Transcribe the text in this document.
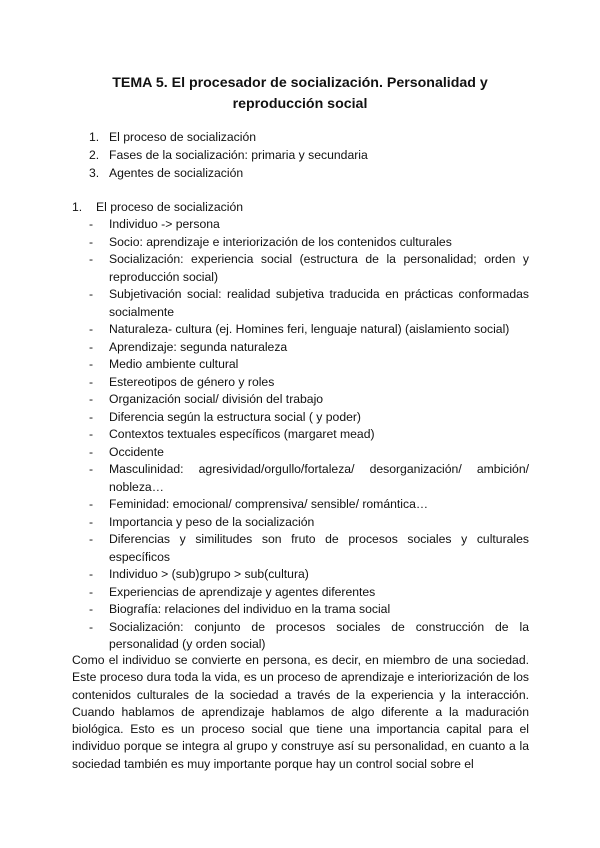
TEMA 5. El procesador de socialización. Personalidad y
reproducción social
1. El proceso de socialización
2. Fases de la socialización: primaria y secundaria
3. Agentes de socialización
1. El proceso de socialización
- Individuo -> persona
- Socio: aprendizaje e interiorización de los contenidos culturales
- Socialización: experiencia social (estructura de la personalidad; orden y reproducción social)
- Subjetivación social: realidad subjetiva traducida en prácticas conformadas socialmente
- Naturaleza- cultura (ej. Homines feri, lenguaje natural) (aislamiento social)
- Aprendizaje: segunda naturaleza
- Medio ambiente cultural
- Estereotipos de género y roles
- Organización social/ división del trabajo
- Diferencia según la estructura social ( y poder)
- Contextos textuales específicos (margaret mead)
- Occidente
- Masculinidad: agresividad/orgullo/fortaleza/ desorganización/ ambición/ nobleza…
- Feminidad: emocional/ comprensiva/ sensible/ romántica…
- Importancia y peso de la socialización
- Diferencias y similitudes son fruto de procesos sociales y culturales específicos
- Individuo > (sub)grupo > sub(cultura)
- Experiencias de aprendizaje y agentes diferentes
- Biografía: relaciones del individuo en la trama social
- Socialización: conjunto de procesos sociales de construcción de la personalidad (y orden social)

Como el individuo se convierte en persona, es decir, en miembro de una sociedad. Este proceso dura toda la vida, es un proceso de aprendizaje e interiorización de los contenidos culturales de la sociedad a través de la experiencia y la interacción. Cuando hablamos de aprendizaje hablamos de algo diferente a la maduración biológica. Esto es un proceso social que tiene una importancia capital para el individuo porque se integra al grupo y construye así su personalidad, en cuanto a la sociedad también es muy importante porque hay un control social sobre el
